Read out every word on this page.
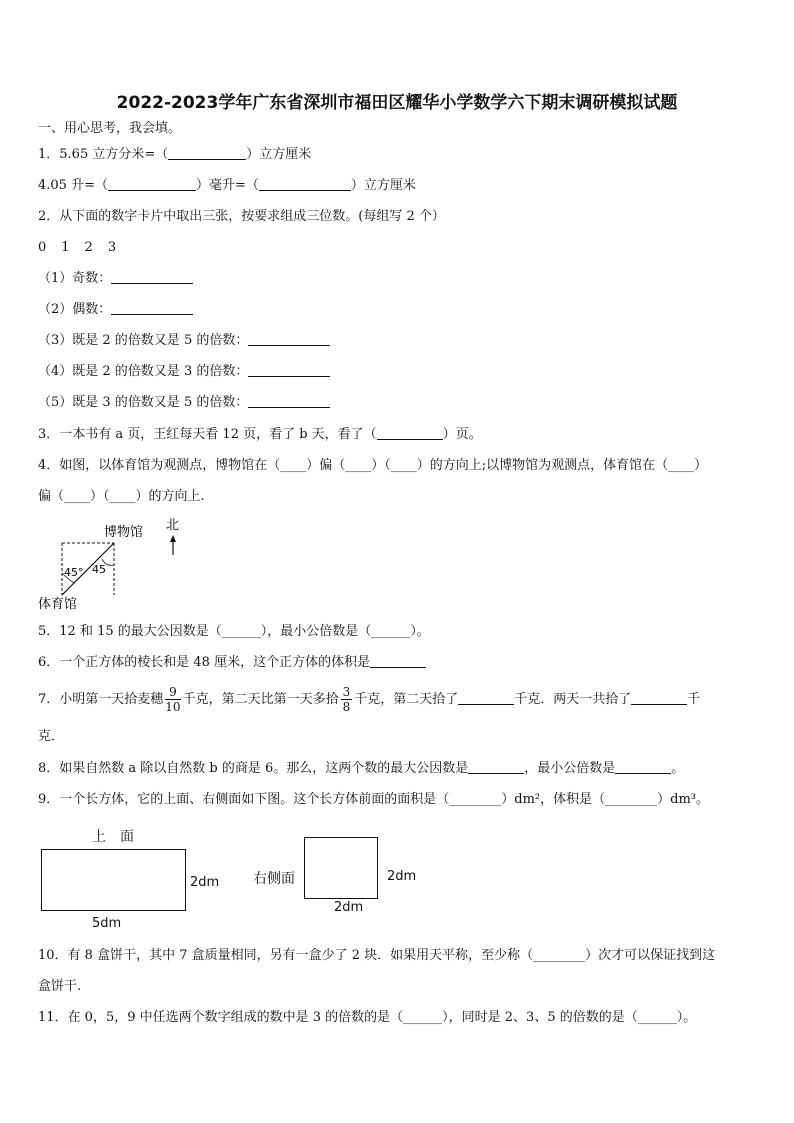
2022-2023学年广东省深圳市福田区耀华小学数学六下期末调研模拟试题
一、用心思考，我会填。
1．5.65 立方分米=（	）立方厘米
4.05 升=（	）毫升=（	）立方厘米
2．从下面的数字卡片中取出三张，按要求组成三位数。(每组写 2 个）
0　1　2　3
（1）奇数：
（2）偶数：
（3）既是 2 的倍数又是 5 的倍数：
（4）既是 2 的倍数又是 3 的倍数：
（5）既是 3 的倍数又是 5 的倍数：
3．一本书有 a 页，王红每天看 12 页，看了 b 天，看了（	）页。
4．如图，以体育馆为观测点，博物馆在（____）偏（____）（____）的方向上;以博物馆为观测点，体育馆在（____）
偏（____）（____）的方向上.
45° 45
博物馆
体育馆
北
5．12 和 15 的最大公因数是（______），最小公倍数是（______）。
6．一个正方体的棱长和是 48 厘米，这个正方体的体积是
7．小明第一天拾麦穗 $\frac{9}{10}$ 千克，第二天比第一天多拾 $\frac{3}{8}$ 千克，第二天拾了	千克．两天一共拾了	千
克．
8．如果自然数 a 除以自然数 b 的商是 6。那么，这两个数的最大公因数是	，最小公倍数是	。
9．一个长方体，它的上面、右侧面如下图。这个长方体前面的面积是（________）dm²，体积是（________）dm³。
上　面
2dm
5dm
右侧面	2dm
2dm
10．有 8 盒饼干，其中 7 盒质量相同，另有一盒少了 2 块．如果用天平称，至少称（________）次才可以保证找到这
盒饼干.
11．在 0，5，9 中任选两个数字组成的数中是 3 的倍数的是（______），同时是 2、3、5 的倍数的是（______）。
